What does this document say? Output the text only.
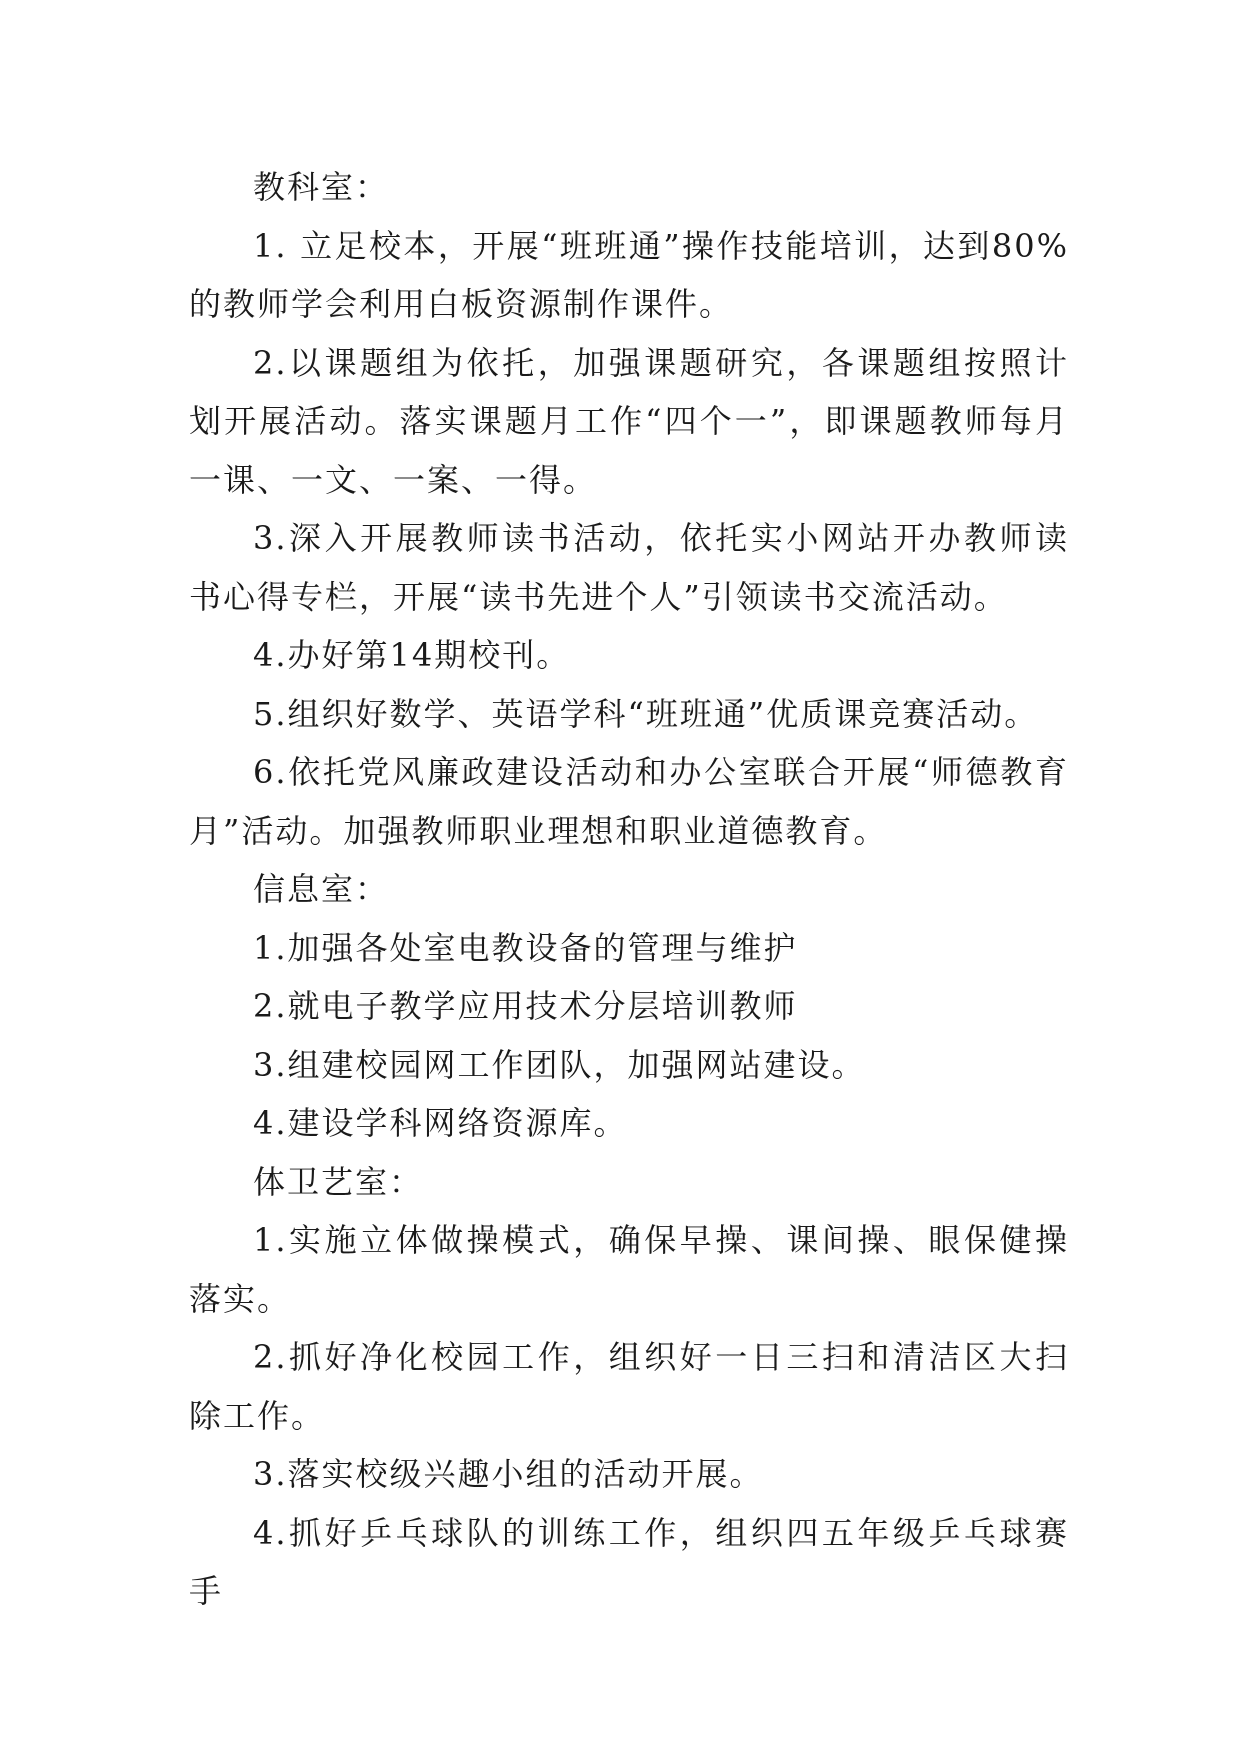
教科室：

1. 立足校本，开展“班班通”操作技能培训，达到80%的教师学会利用白板资源制作课件。

2.以课题组为依托，加强课题研究，各课题组按照计划开展活动。落实课题月工作“四个一”，即课题教师每月一课、一文、一案、一得。

3.深入开展教师读书活动，依托实小网站开办教师读书心得专栏，开展“读书先进个人”引领读书交流活动。

4.办好第14期校刊。

5.组织好数学、英语学科“班班通”优质课竞赛活动。

6.依托党风廉政建设活动和办公室联合开展“师德教育月”活动。加强教师职业理想和职业道德教育。

信息室：

1.加强各处室电教设备的管理与维护

2.就电子教学应用技术分层培训教师

3.组建校园网工作团队，加强网站建设。

4.建设学科网络资源库。

体卫艺室：

1.实施立体做操模式，确保早操、课间操、眼保健操落实。

2.抓好净化校园工作，组织好一日三扫和清洁区大扫除工作。

3.落实校级兴趣小组的活动开展。

4.抓好乒乓球队的训练工作，组织四五年级乒乓球赛手
